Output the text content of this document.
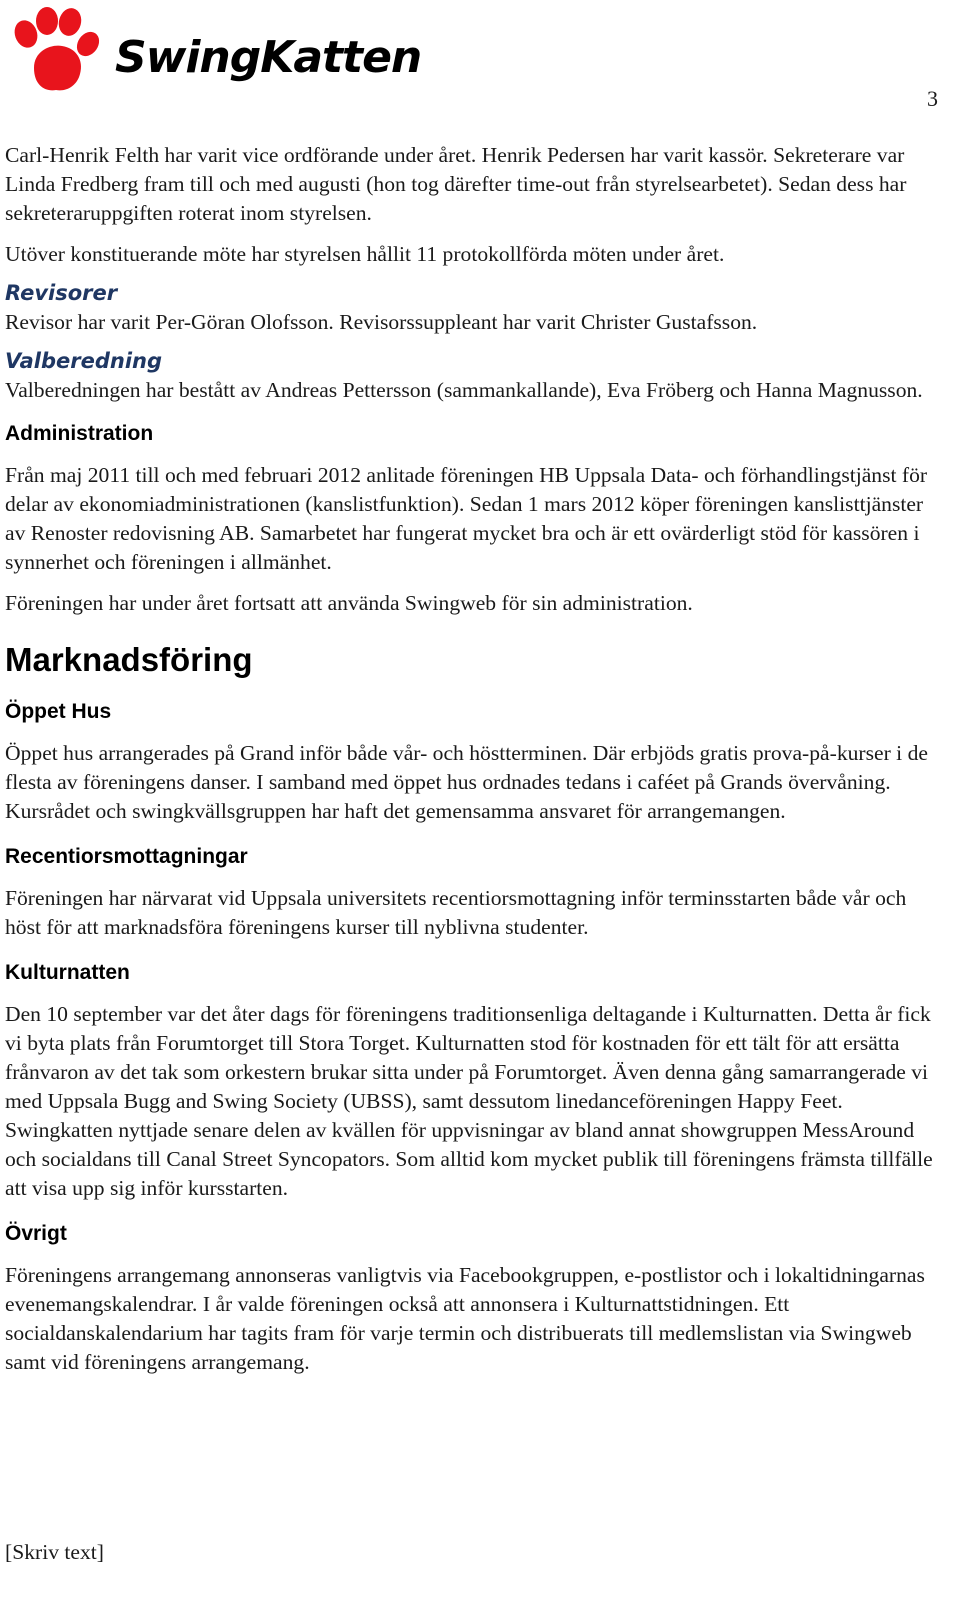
SwingKatten
3

Carl-Henrik Felth har varit vice ordförande under året. Henrik Pedersen har varit kassör. Sekreterare var Linda Fredberg fram till och med augusti (hon tog därefter time-out från styrelsearbetet). Sedan dess har sekreteraruppgiften roterat inom styrelsen.

Utöver konstituerande möte har styrelsen hållit 11 protokollförda möten under året.

Revisorer

Revisor har varit Per-Göran Olofsson. Revisorssuppleant har varit Christer Gustafsson.

Valberedning

Valberedningen har bestått av Andreas Pettersson (sammankallande), Eva Fröberg och Hanna Magnusson.

Administration

Från maj 2011 till och med februari 2012 anlitade föreningen HB Uppsala Data- och förhandlingstjänst för delar av ekonomiadministrationen (kanslistfunktion). Sedan 1 mars 2012 köper föreningen kanslisttjänster av Renoster redovisning AB. Samarbetet har fungerat mycket bra och är ett ovärderligt stöd för kassören i synnerhet och föreningen i allmänhet.

Föreningen har under året fortsatt att använda Swingweb för sin administration.

Marknadsföring
Öppet Hus

Öppet hus arrangerades på Grand inför både vår- och höstterminen. Där erbjöds gratis prova-på-kurser i de flesta av föreningens danser. I samband med öppet hus ordnades tedans i caféet på Grands övervåning. Kursrådet och swingkvällsgruppen har haft det gemensamma ansvaret för arrangemangen.

Recentiorsmottagningar

Föreningen har närvarat vid Uppsala universitets recentiorsmottagning inför terminsstarten både vår och höst för att marknadsföra föreningens kurser till nyblivna studenter.

Kulturnatten

Den 10 september var det åter dags för föreningens traditionsenliga deltagande i Kulturnatten. Detta år fick vi byta plats från Forumtorget till Stora Torget. Kulturnatten stod för kostnaden för ett tält för att ersätta frånvaron av det tak som orkestern brukar sitta under på Forumtorget. Även denna gång samarrangerade vi med Uppsala Bugg and Swing Society (UBSS), samt dessutom linedanceföreningen Happy Feet. Swingkatten nyttjade senare delen av kvällen för uppvisningar av bland annat showgruppen MessAround och socialdans till Canal Street Syncopators. Som alltid kom mycket publik till föreningens främsta tillfälle att visa upp sig inför kursstarten.

Övrigt

Föreningens arrangemang annonseras vanligtvis via Facebookgruppen, e-postlistor och i lokaltidningarnas evenemangskalendrar. I år valde föreningen också att annonsera i Kulturnattstidningen. Ett socialdanskalendarium har tagits fram för varje termin och distribuerats till medlemslistan via Swingweb samt vid föreningens arrangemang.

[Skriv text]
